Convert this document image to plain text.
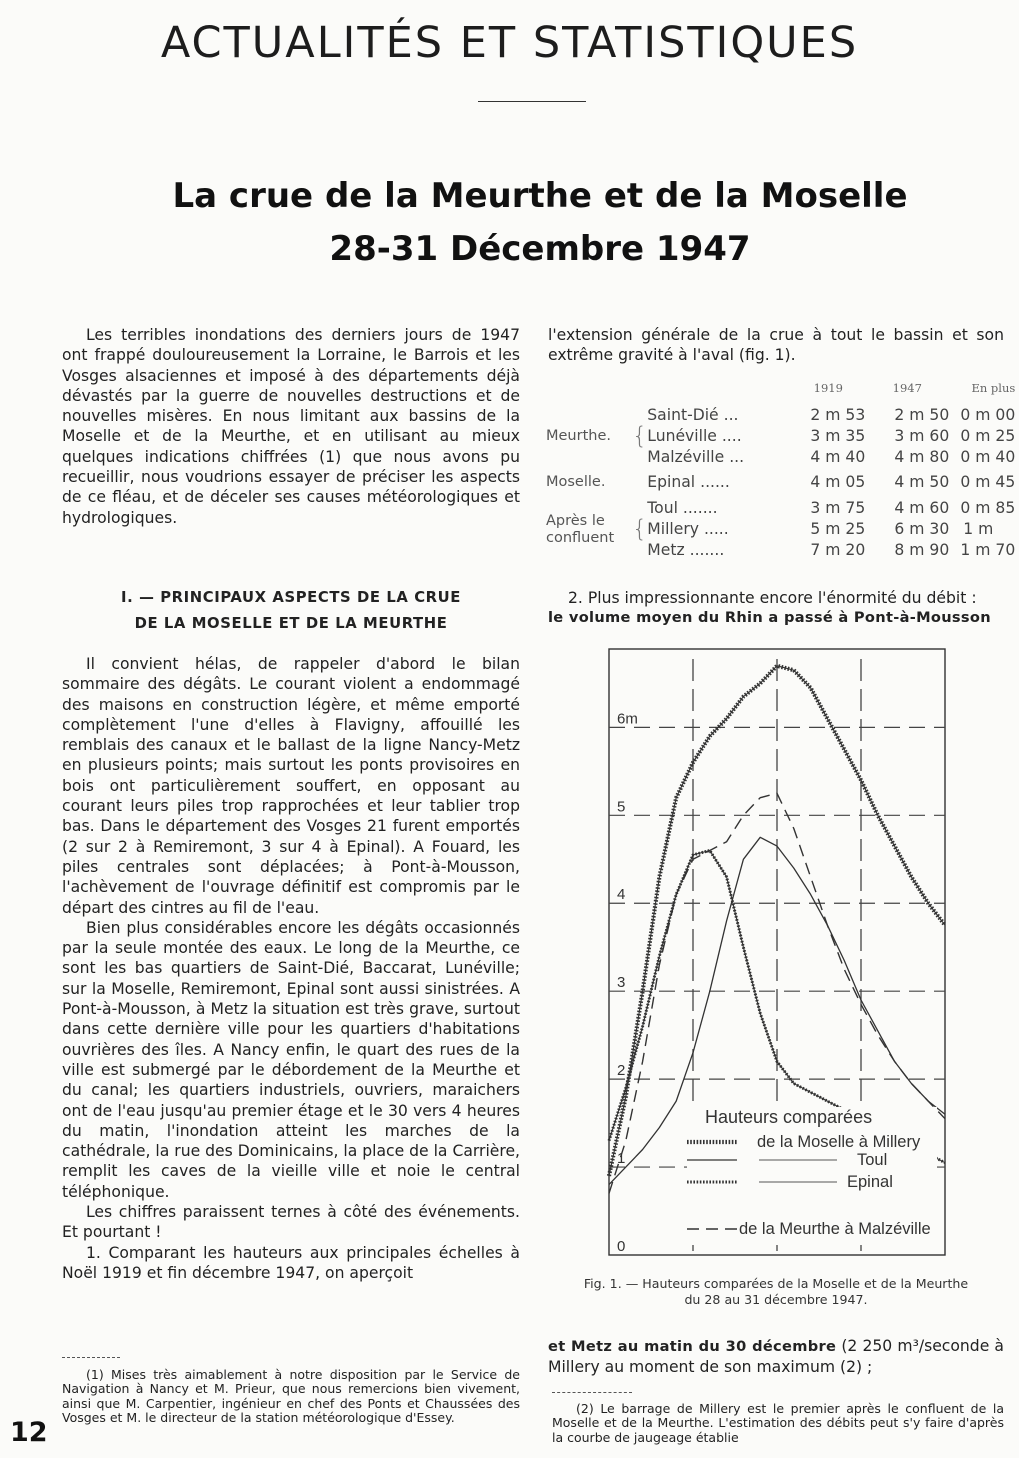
ACTUALITÉS ET STATISTIQUES
La crue de la Meurthe et de la Moselle
28-31 Décembre 1947

Les terribles inondations des derniers jours de 1947 ont frappé douloureusement la Lorraine, le Barrois et les Vosges alsaciennes et imposé à des départements déjà dévastés par la guerre de nouvelles destructions et de nouvelles misères. En nous limitant aux bassins de la Moselle et de la Meurthe, et en utilisant au mieux quelques indications chiffrées (1) que nous avons pu recueillir, nous voudrions essayer de préciser les aspects de ce fléau, et de déceler ses causes météorologiques et hydrologiques.

I. — PRINCIPAUX ASPECTS DE LA CRUE
DE LA MOSELLE ET DE LA MEURTHE

Il convient hélas, de rappeler d'abord le bilan sommaire des dégâts. Le courant violent a endommagé des maisons en construction légère, et même emporté complètement l'une d'elles à Flavigny, affouillé les remblais des canaux et le ballast de la ligne Nancy-Metz en plusieurs points; mais surtout les ponts provisoires en bois ont particulièrement souffert, en opposant au courant leurs piles trop rapprochées et leur tablier trop bas. Dans le département des Vosges 21 furent emportés (2 sur 2 à Remiremont, 3 sur 4 à Epinal). A Fouard, les piles centrales sont déplacées; à Pont-à-Mousson, l'achèvement de l'ouvrage définitif est compromis par le départ des cintres au fil de l'eau.

Bien plus considérables encore les dégâts occasionnés par la seule montée des eaux. Le long de la Meurthe, ce sont les bas quartiers de Saint-Dié, Baccarat, Lunéville; sur la Moselle, Remiremont, Epinal sont aussi sinistrées. A Pont-à-Mousson, à Metz la situation est très grave, surtout dans cette dernière ville pour les quartiers d'habitations ouvrières des îles. A Nancy enfin, le quart des rues de la ville est submergé par le débordement de la Meurthe et du canal; les quartiers industriels, ouvriers, maraichers ont de l'eau jusqu'au premier étage et le 30 vers 4 heures du matin, l'inondation atteint les marches de la cathédrale, la rue des Dominicains, la place de la Carrière, remplit les caves de la vieille ville et noie le central téléphonique.

Les chiffres paraissent ternes à côté des événements. Et pourtant !

1. Comparant les hauteurs aux principales échelles à Noël 1919 et fin décembre 1947, on aperçoit

(1) Mises très aimablement à notre disposition par le Service de Navigation à Nancy et M. Prieur, que nous remercions bien vivement, ainsi que M. Carpentier, ingénieur en chef des Ponts et Chaussées des Vosges et M. le directeur de la station météorologique d'Essey.

12

l'extension générale de la crue à tout le bassin et son extrême gravité à l'aval (fig. 1).

			1919	1947	En plus

Meurthe.	{	Saint-Dié ...	2 m 53	2 m 50	0 m 00
		Lunéville ....	3 m 35	3 m 60	0 m 25
		Malzéville ...	4 m 40	4 m 80	0 m 40

Moselle.		Epinal ......	4 m 05	4 m 50	0 m 45

Après le
confluent	{	Toul .......	3 m 75	4 m 60	0 m 85
		Millery .....	5 m 25	6 m 30	1 m
		Metz .......	7 m 20	8 m 90	1 m 70

2. Plus impressionnante encore l'énormité du débit :

le volume moyen du Rhin a passé à Pont-à-Mousson

0
1
2
3
4
5
6m
Hauteurs comparées
de la Moselle à Millery
Toul
Epinal
de la Meurthe à Malzéville
Fig. 1. — Hauteurs comparées de la Moselle et de la Meurthe
du 28 au 31 décembre 1947.

et Metz au matin du 30 décembre (2 250 m³/seconde à Millery au moment de son maximum (2) ;

(2) Le barrage de Millery est le premier après le confluent de la Moselle et de la Meurthe. L'estimation des débits peut s'y faire d'après la courbe de jaugeage établie
